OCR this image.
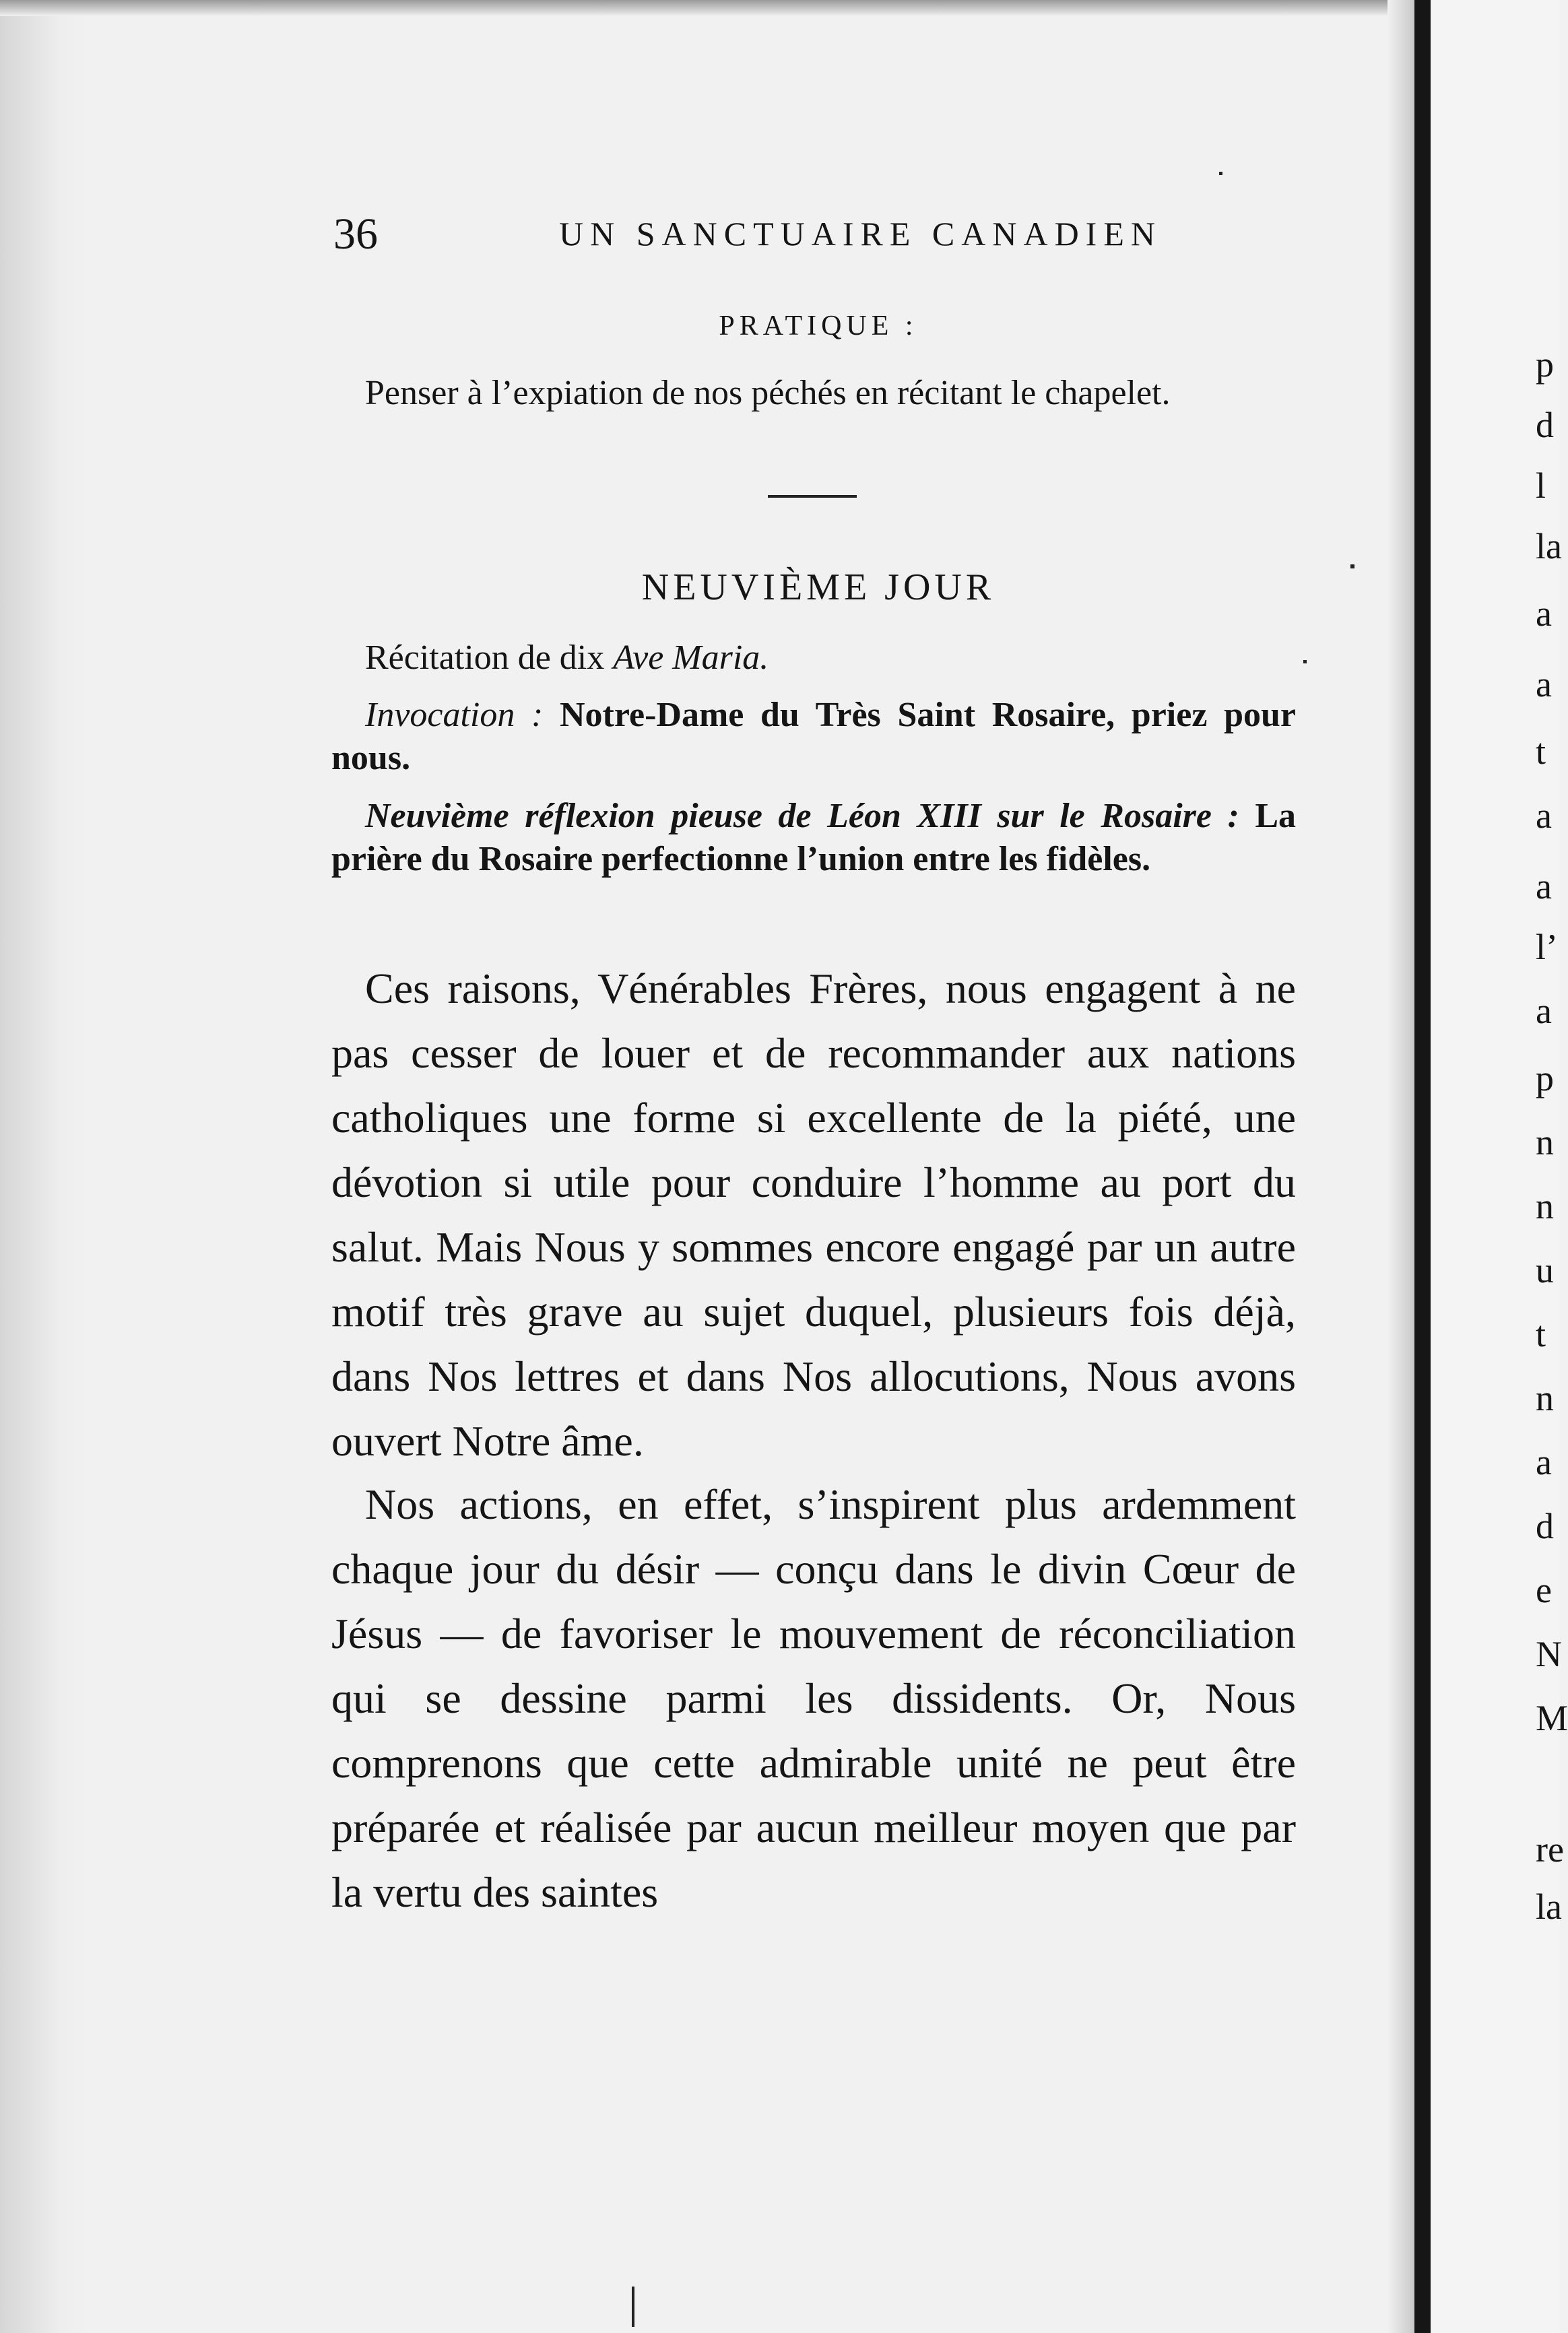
36	UN SANCTUAIRE CANADIEN

PRATIQUE :

Penser à l’expiation de nos péchés en récitant le chapelet.

NEUVIÈME JOUR

Récitation de dix Ave Maria.

Invocation : Notre-Dame du Très Saint Rosaire, priez pour nous.

Neuvième réflexion pieuse de Léon XIII sur le Rosaire : La prière du Rosaire perfectionne l’union entre les fidèles.

Ces raisons, Vénérables Frères, nous engagent à ne pas cesser de louer et de recommander aux nations catholiques une forme si excellente de la piété, une dévotion si utile pour conduire l’homme au port du salut. Mais Nous y sommes encore engagé par un autre motif très grave au sujet duquel, plusieurs fois déjà, dans Nos lettres et dans Nos allocutions, Nous avons ouvert Notre âme.

Nos actions, en effet, s’inspirent plus ardemment chaque jour du désir — conçu dans le divin Cœur de Jésus — de favoriser le mouvement de réconciliation qui se dessine parmi les dissidents. Or, Nous comprenons que cette admirable unité ne peut être préparée et réalisée par aucun meilleur moyen que par la vertu des saintes

p

d

l

la

a

a

t

a

a

l’

a

p

n

n

u

t

n

a

d

e

N

M

re

la
